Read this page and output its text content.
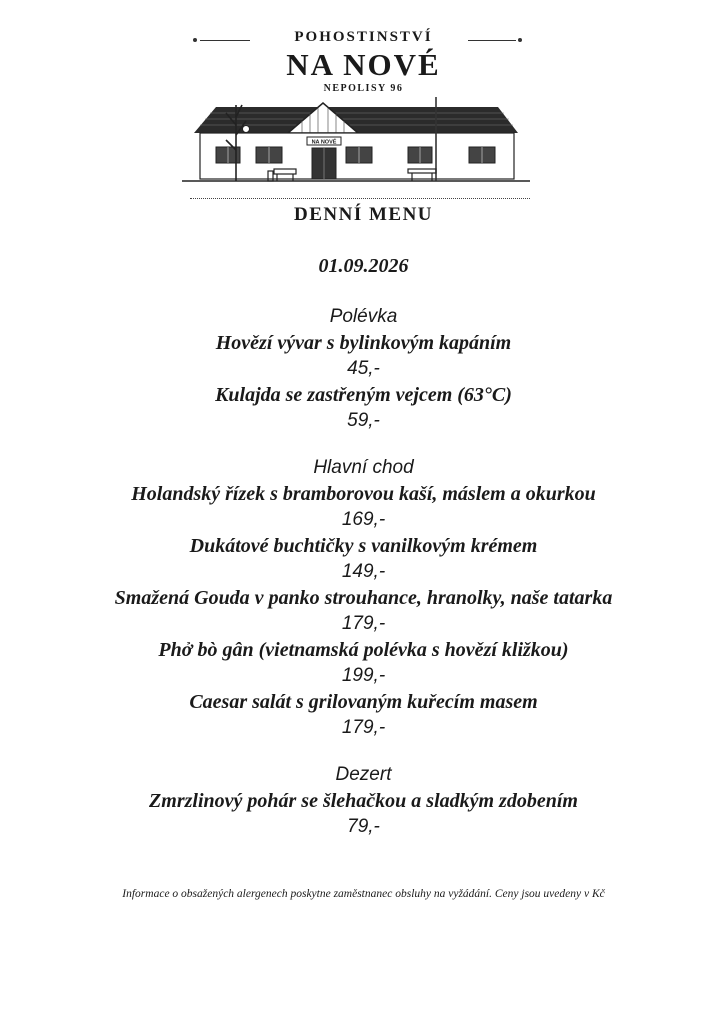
POHOSTINSTVÍ
NA NOVÉ
NEPOLISY 96
NA NOVÉ
DENNÍ MENU
01.09.2026
Polévka
Hovězí vývar s bylinkovým kapáním
45,-
Kulajda se zastřeným vejcem (63°C)
59,-
Hlavní chod
Holandský řízek s bramborovou kaší, máslem a okurkou
169,-
Dukátové buchtičky s vanilkovým krémem
149,-
Smažená Gouda v panko strouhance, hranolky, naše tatarka
179,-
Phở bò gân (vietnamská polévka s hovězí kližkou)
199,-
Caesar salát s grilovaným kuřecím masem
179,-
Dezert
Zmrzlinový pohár se šlehačkou a sladkým zdobením
79,-
Informace o obsažených alergenech poskytne zaměstnanec obsluhy na vyžádání. Ceny jsou uvedeny v Kč
